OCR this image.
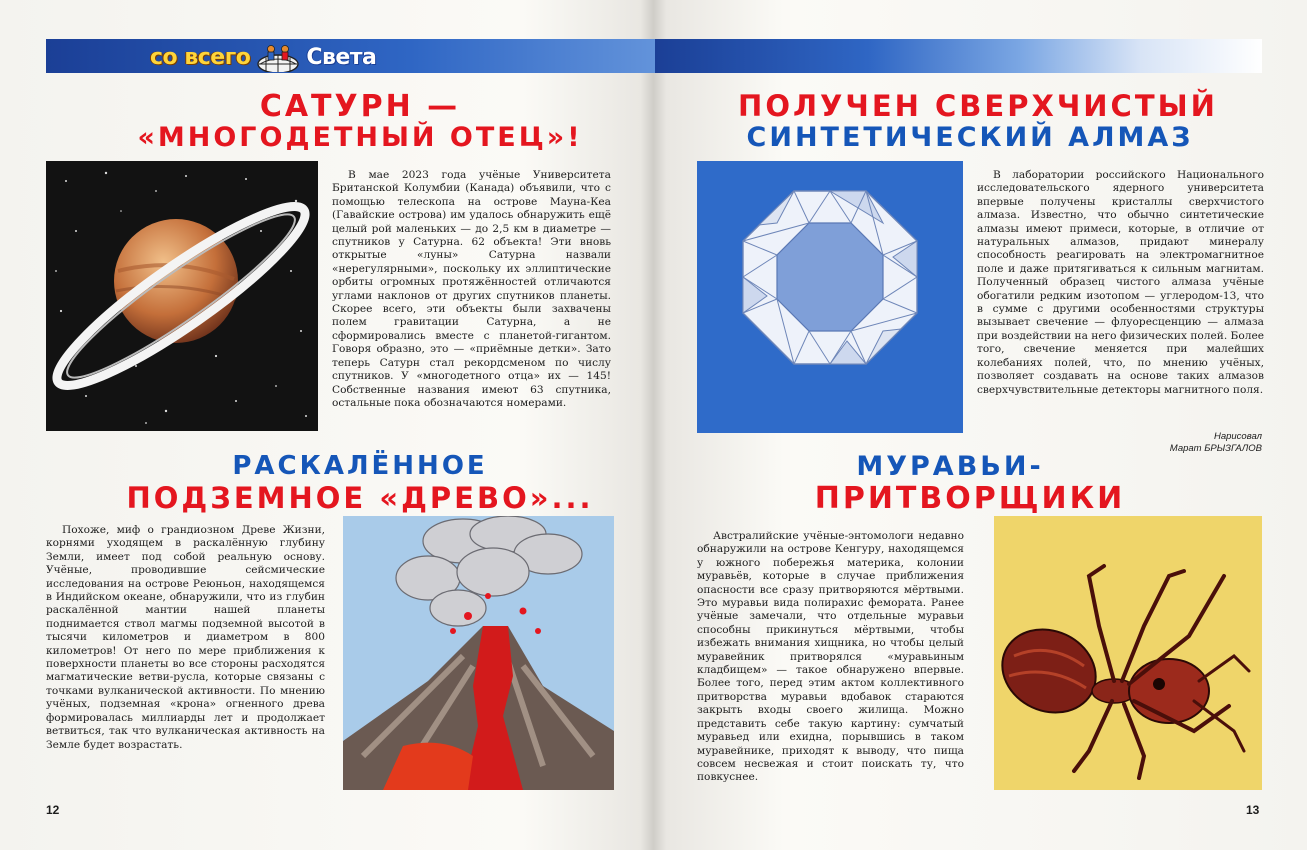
со всего	Света
САТУРН —
«МНОГОДЕТНЫЙ ОТЕЦ»!
В мае 2023 года учёные Университета Британской Колумбии (Канада) объявили, что с помощью телескопа на острове Мауна-Кеа (Гавайские острова) им удалось обнаружить ещё целый рой маленьких — до 2,5 км в диаметре — спутников у Сатурна. 62 объекта! Эти вновь открытые «луны» Сатурна назвали «нерегулярными», поскольку их эллиптические орбиты огромных протяжённостей отличаются углами наклонов от других спутников планеты. Скорее всего, эти объекты были захвачены полем гравитации Сатурна, а не сформировались вместе с планетой-гигантом. Говоря образно, это — «приёмные детки». Зато теперь Сатурн стал рекордсменом по числу спутников. У «многодетного отца» их — 145! Собственные названия имеют 63 спутника, остальные пока обозначаются номерами.
ПОЛУЧЕН СВЕРХЧИСТЫЙ
СИНТЕТИЧЕСКИЙ АЛМАЗ
В лаборатории российского Национального исследовательского ядерного университета впервые получены кристаллы сверхчистого алмаза. Известно, что обычно синтетические алмазы имеют примеси, которые, в отличие от натуральных алмазов, придают минералу способность реагировать на электромагнитное поле и даже притягиваться к сильным магнитам. Полученный образец чистого алмаза учёные обогатили редким изотопом — углеродом-13, что в сумме с другими особенностями структуры вызывает свечение — флуоресценцию — алмаза при воздействии на него физических полей. Более того, свечение меняется при малейших колебаниях полей, что, по мнению учёных, позволяет создавать на основе таких алмазов сверхчувствительные детекторы магнитного поля.
Нарисовал
Марат БРЫЗГАЛОВ
РАСКАЛЁННОЕ
ПОДЗЕМНОЕ «ДРЕВО»...
Похоже, миф о грандиозном Древе Жизни, корнями уходящем в раскалённую глубину Земли, имеет под собой реальную основу. Учёные, проводившие сейсмические исследования на острове Реюньон, находящемся в Индийском океане, обнаружили, что из глубин раскалённой мантии нашей планеты поднимается ствол магмы подземной высотой в тысячи километров и диаметром в 800 километров! От него по мере приближения к поверхности планеты во все стороны расходятся магматические ветви-русла, которые связаны с точками вулканической активности. По мнению учёных, подземная «крона» огненного древа формировалась миллиарды лет и продолжает ветвиться, так что вулканическая активность на Земле будет возрастать.
МУРАВЬИ-
ПРИТВОРЩИКИ
Австралийские учёные-энтомологи недавно обнаружили на острове Кенгуру, находящемся у южного побережья материка, колонии муравьёв, которые в случае приближения опасности все сразу притворяются мёртвыми. Это муравьи вида полирахис фемората. Ранее учёные замечали, что отдельные муравьи способны прикинуться мёртвыми, чтобы избежать внимания хищника, но чтобы целый муравейник притворялся «муравьиным кладбищем» — такое обнаружено впервые. Более того, перед этим актом коллективного притворства муравьи вдобавок стараются закрыть входы своего жилища. Можно представить себе такую картину: сумчатый муравьед или ехидна, порывшись в таком муравейнике, приходят к выводу, что пища совсем несвежая и стоит поискать ту, что повкуснее.
12	13
